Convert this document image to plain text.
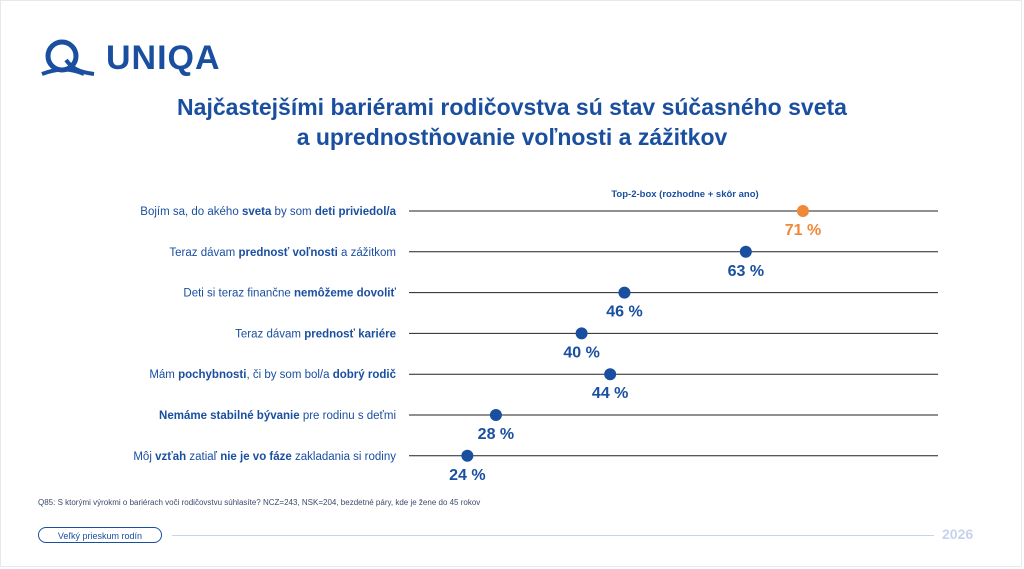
UNIQA
Najčastejšími bariérami rodičovstva sú stav súčasného sveta
a uprednostňovanie voľnosti a zážitkov
Top-2-box (rozhodne + skôr ano)
Bojím sa, do akého sveta by som deti priviedol/a
71 %
Teraz dávam prednosť voľnosti a zážitkom
63 %
Deti si teraz finančne nemôžeme dovoliť
46 %
Teraz dávam prednosť kariére
40 %
Mám pochybnosti, či by som bol/a dobrý rodič
44 %
Nemáme stabilné bývanie pre rodinu s deťmi
28 %
Môj vzťah zatiaľ nie je vo fáze zakladania si rodiny
24 %
Q85: S ktorými výrokmi o bariérach voči rodičovstvu súhlasíte? NCZ=243, NSK=204, bezdetné páry, kde je žene do 45 rokov
Veľký prieskum rodín	2026
